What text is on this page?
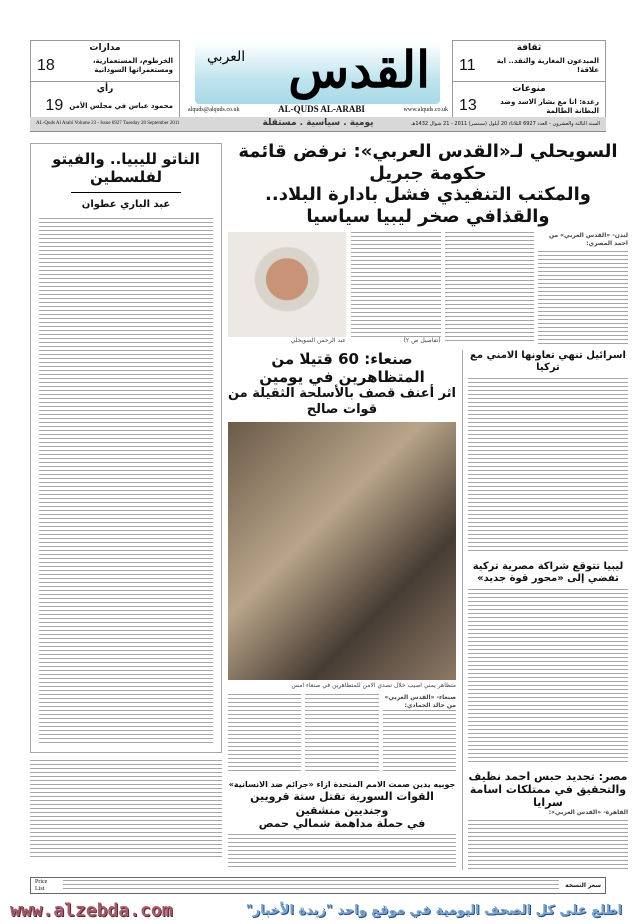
مدارات
الخرطوم، المستعمارية، ومستعمراتها السودانية
18
رأي
محمود عباس في مجلس الأمن
19
ثقافة
المبدعون المغاربة والنقد.. اية علاقة!
11
منوعات
رغدة: انا مع بشار الاسد وضد البطانة الظالمة
13
العربي القدس
alquds@alquds.co.uk	AL-QUDS AL-ARABI	www.alquds.co.uk
AL-Quds Al Arabi Volume 23 - Issue 6927 Tuesday 20 September 2011	يومية . سياسية . مستقلة	السنة الثالثة والعشرون - العدد 6927 الثلاثاء 20 أيلول (سبتمبر) 2011 - 21 شوال 1432هـ
الناتو لليبيا.. والفيتو لفلسطين
عبد الباري عطوان
السويحلي لـ«القدس العربي»: نرفض قائمة حكومة جبريل
والمكتب التنفيذي فشل بادارة البلاد.. والقذافي صخر ليبيا سياسيا
عبد الرحمن السويحلي
لندن- «القدس العربي» من احمد المصري:
(تفاصيل ص ٢)
صنعاء: 60 قتيلا من المتظاهرين في يومين
اثر أعنف قصف بالأسلحة الثقيلة من قوات صالح
متظاهر يمني اصيب خلال تصدي الامن للمتظاهرين في صنعاء امس
صنعاء- «القدس العربي» من خالد الحمادي:
جوبيه يدين صمت الامم المتحدة ازاء «جرائم ضد الانسانية»
القوات السورية تقتل ستة قرويين وجنديين منشقين
في حملة مداهمة شمالي حمص
اسرائيل تنهي تعاونها الامني مع تركيا
ليبيا تتوقع شراكة مصرية تركية تفضي إلى «محور قوة جديد»
مصر: تجديد حبس احمد نظيف والتحقيق في ممتلكات اسامة سرايا
القاهرة- «القدس العربي»:
Price List	سعر النسخة
www.alzebda.com	اطلع على كل الصحف اليومية في موقع واحد "زبدة الأخبار"
